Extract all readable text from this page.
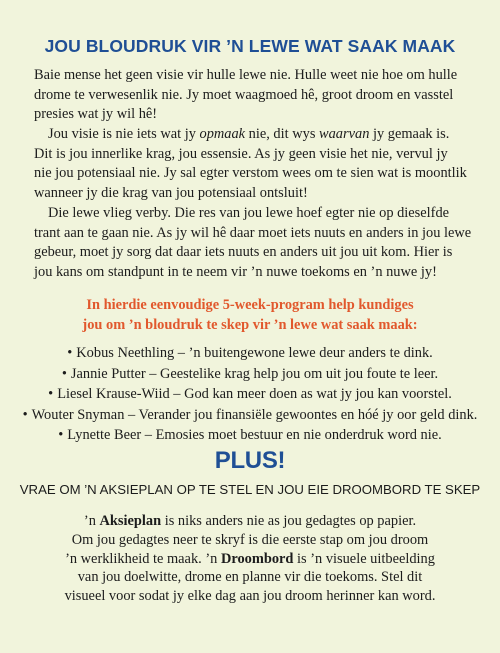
JOU BLOUDRUK VIR ’N LEWE WAT SAAK MAAK
Baie mense het geen visie vir hulle lewe nie. Hulle weet nie hoe om hulle
drome te verwesenlik nie. Jy moet waagmoed hê, groot droom en vasstel
presies wat jy wil hê!
Jou visie is nie iets wat jy opmaak nie, dit wys waarvan jy gemaak is.
Dit is jou innerlike krag, jou essensie. As jy geen visie het nie, vervul jy
nie jou potensiaal nie. Jy sal egter verstom wees om te sien wat is moontlik
wanneer jy die krag van jou potensiaal ontsluit!
Die lewe vlieg verby. Die res van jou lewe hoef egter nie op dieselfde
trant aan te gaan nie. As jy wil hê daar moet iets nuuts en anders in jou lewe
gebeur, moet jy sorg dat daar iets nuuts en anders uit jou uit kom. Hier is
jou kans om standpunt in te neem vir ’n nuwe toekoms en ’n nuwe jy!
In hierdie eenvoudige 5-week-program help kundiges
jou om ’n bloudruk te skep vir ’n lewe wat saak maak:
• Kobus Neethling – ’n buitengewone lewe deur anders te dink.
• Jannie Putter – Geestelike krag help jou om uit jou foute te leer.
• Liesel Krause-Wiid – God kan meer doen as wat jy jou kan voorstel.
• Wouter Snyman – Verander jou finansiële gewoontes en hóé jy oor geld dink.
• Lynette Beer – Emosies moet bestuur en nie onderdruk word nie.
PLUS!
VRAE OM ’N AKSIEPLAN OP TE STEL EN JOU EIE DROOMBORD TE SKEP
’n Aksieplan is niks anders nie as jou gedagtes op papier.
Om jou gedagtes neer te skryf is die eerste stap om jou droom
’n werklikheid te maak. ’n Droombord is ’n visuele uitbeelding
van jou doelwitte, drome en planne vir die toekoms. Stel dit
visueel voor sodat jy elke dag aan jou droom herinner kan word.
